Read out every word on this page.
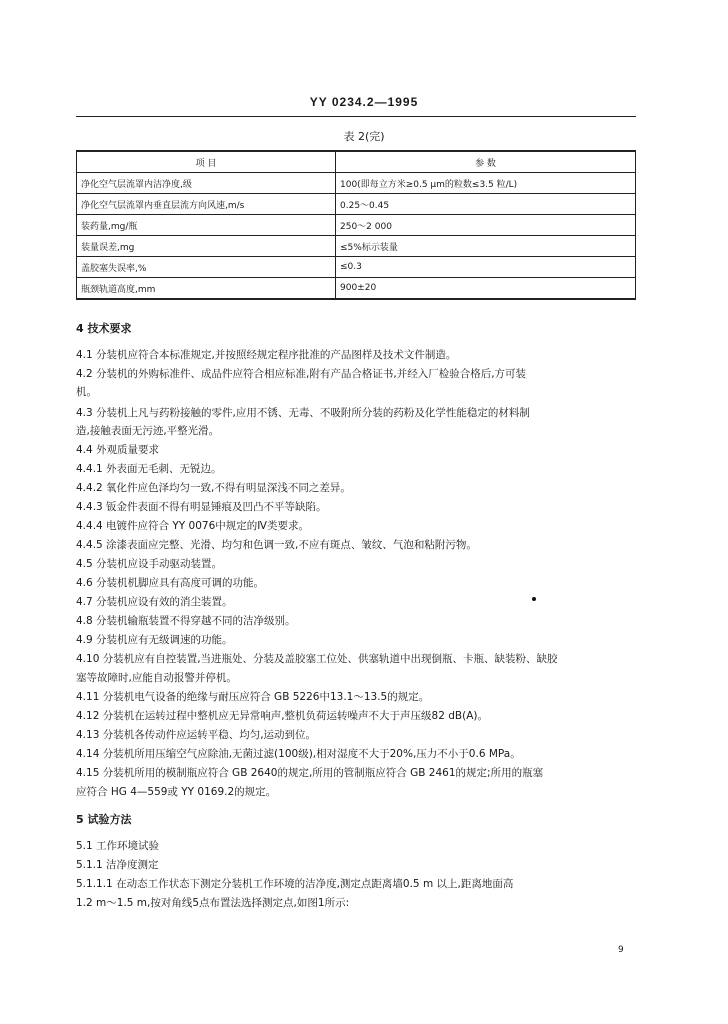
YY 0234.2—1995
表 2(完)
项 目	参 数
净化空气层流罩内洁净度,级	100(即每立方米≥0.5 μm的粒数≤3.5 粒/L)
净化空气层流罩内垂直层流方向风速,m/s	0.25～0.45
装药量,mg/瓶	250～2 000
装量误差,mg	≤5%标示装量
盖胶塞失误率,%	≤0.3
瓶颈轨道高度,mm	900±20
4 技术要求
4.1 分装机应符合本标准规定,并按照经规定程序批准的产品图样及技术文件制造。
4.2 分装机的外购标准件、成品件应符合相应标准,附有产品合格证书,并经入厂检验合格后,方可装
机。
4.3 分装机上凡与药粉接触的零件,应用不锈、无毒、不吸附所分装的药粉及化学性能稳定的材料制
造,接触表面无污迹,平整光滑。
4.4 外观质量要求
4.4.1 外表面无毛刺、无锐边。
4.4.2 氧化件应色泽均匀一致,不得有明显深浅不同之差异。
4.4.3 钣金件表面不得有明显锤痕及凹凸不平等缺陷。
4.4.4 电镀件应符合 YY 0076中规定的Ⅳ类要求。
4.4.5 涂漆表面应完整、光滑、均匀和色调一致,不应有斑点、皱纹、气泡和粘附污物。
4.5 分装机应设手动驱动装置。
4.6 分装机机脚应具有高度可调的功能。
4.7 分装机应设有效的消尘装置。
4.8 分装机输瓶装置不得穿越不同的洁净级别。
4.9 分装机应有无级调速的功能。
4.10 分装机应有自控装置,当进瓶处、分装及盖胶塞工位处、供塞轨道中出现倒瓶、卡瓶、缺装粉、缺胶
塞等故障时,应能自动报警并停机。
4.11 分装机电气设备的绝缘与耐压应符合 GB 5226中13.1～13.5的规定。
4.12 分装机在运转过程中整机应无异常响声,整机负荷运转噪声不大于声压级82 dB(A)。
4.13 分装机各传动件应运转平稳、均匀,运动到位。
4.14 分装机所用压缩空气应除油,无菌过滤(100级),相对湿度不大于20%,压力不小于0.6 MPa。
4.15 分装机所用的模制瓶应符合 GB 2640的规定,所用的管制瓶应符合 GB 2461的规定;所用的瓶塞
应符合 HG 4—559或 YY 0169.2的规定。
5 试验方法
5.1 工作环境试验
5.1.1 洁净度测定
5.1.1.1 在动态工作状态下测定分装机工作环境的洁净度,测定点距离墙0.5 m 以上,距离地面高
1.2 m～1.5 m,按对角线5点布置法选择测定点,如图1所示:
9
